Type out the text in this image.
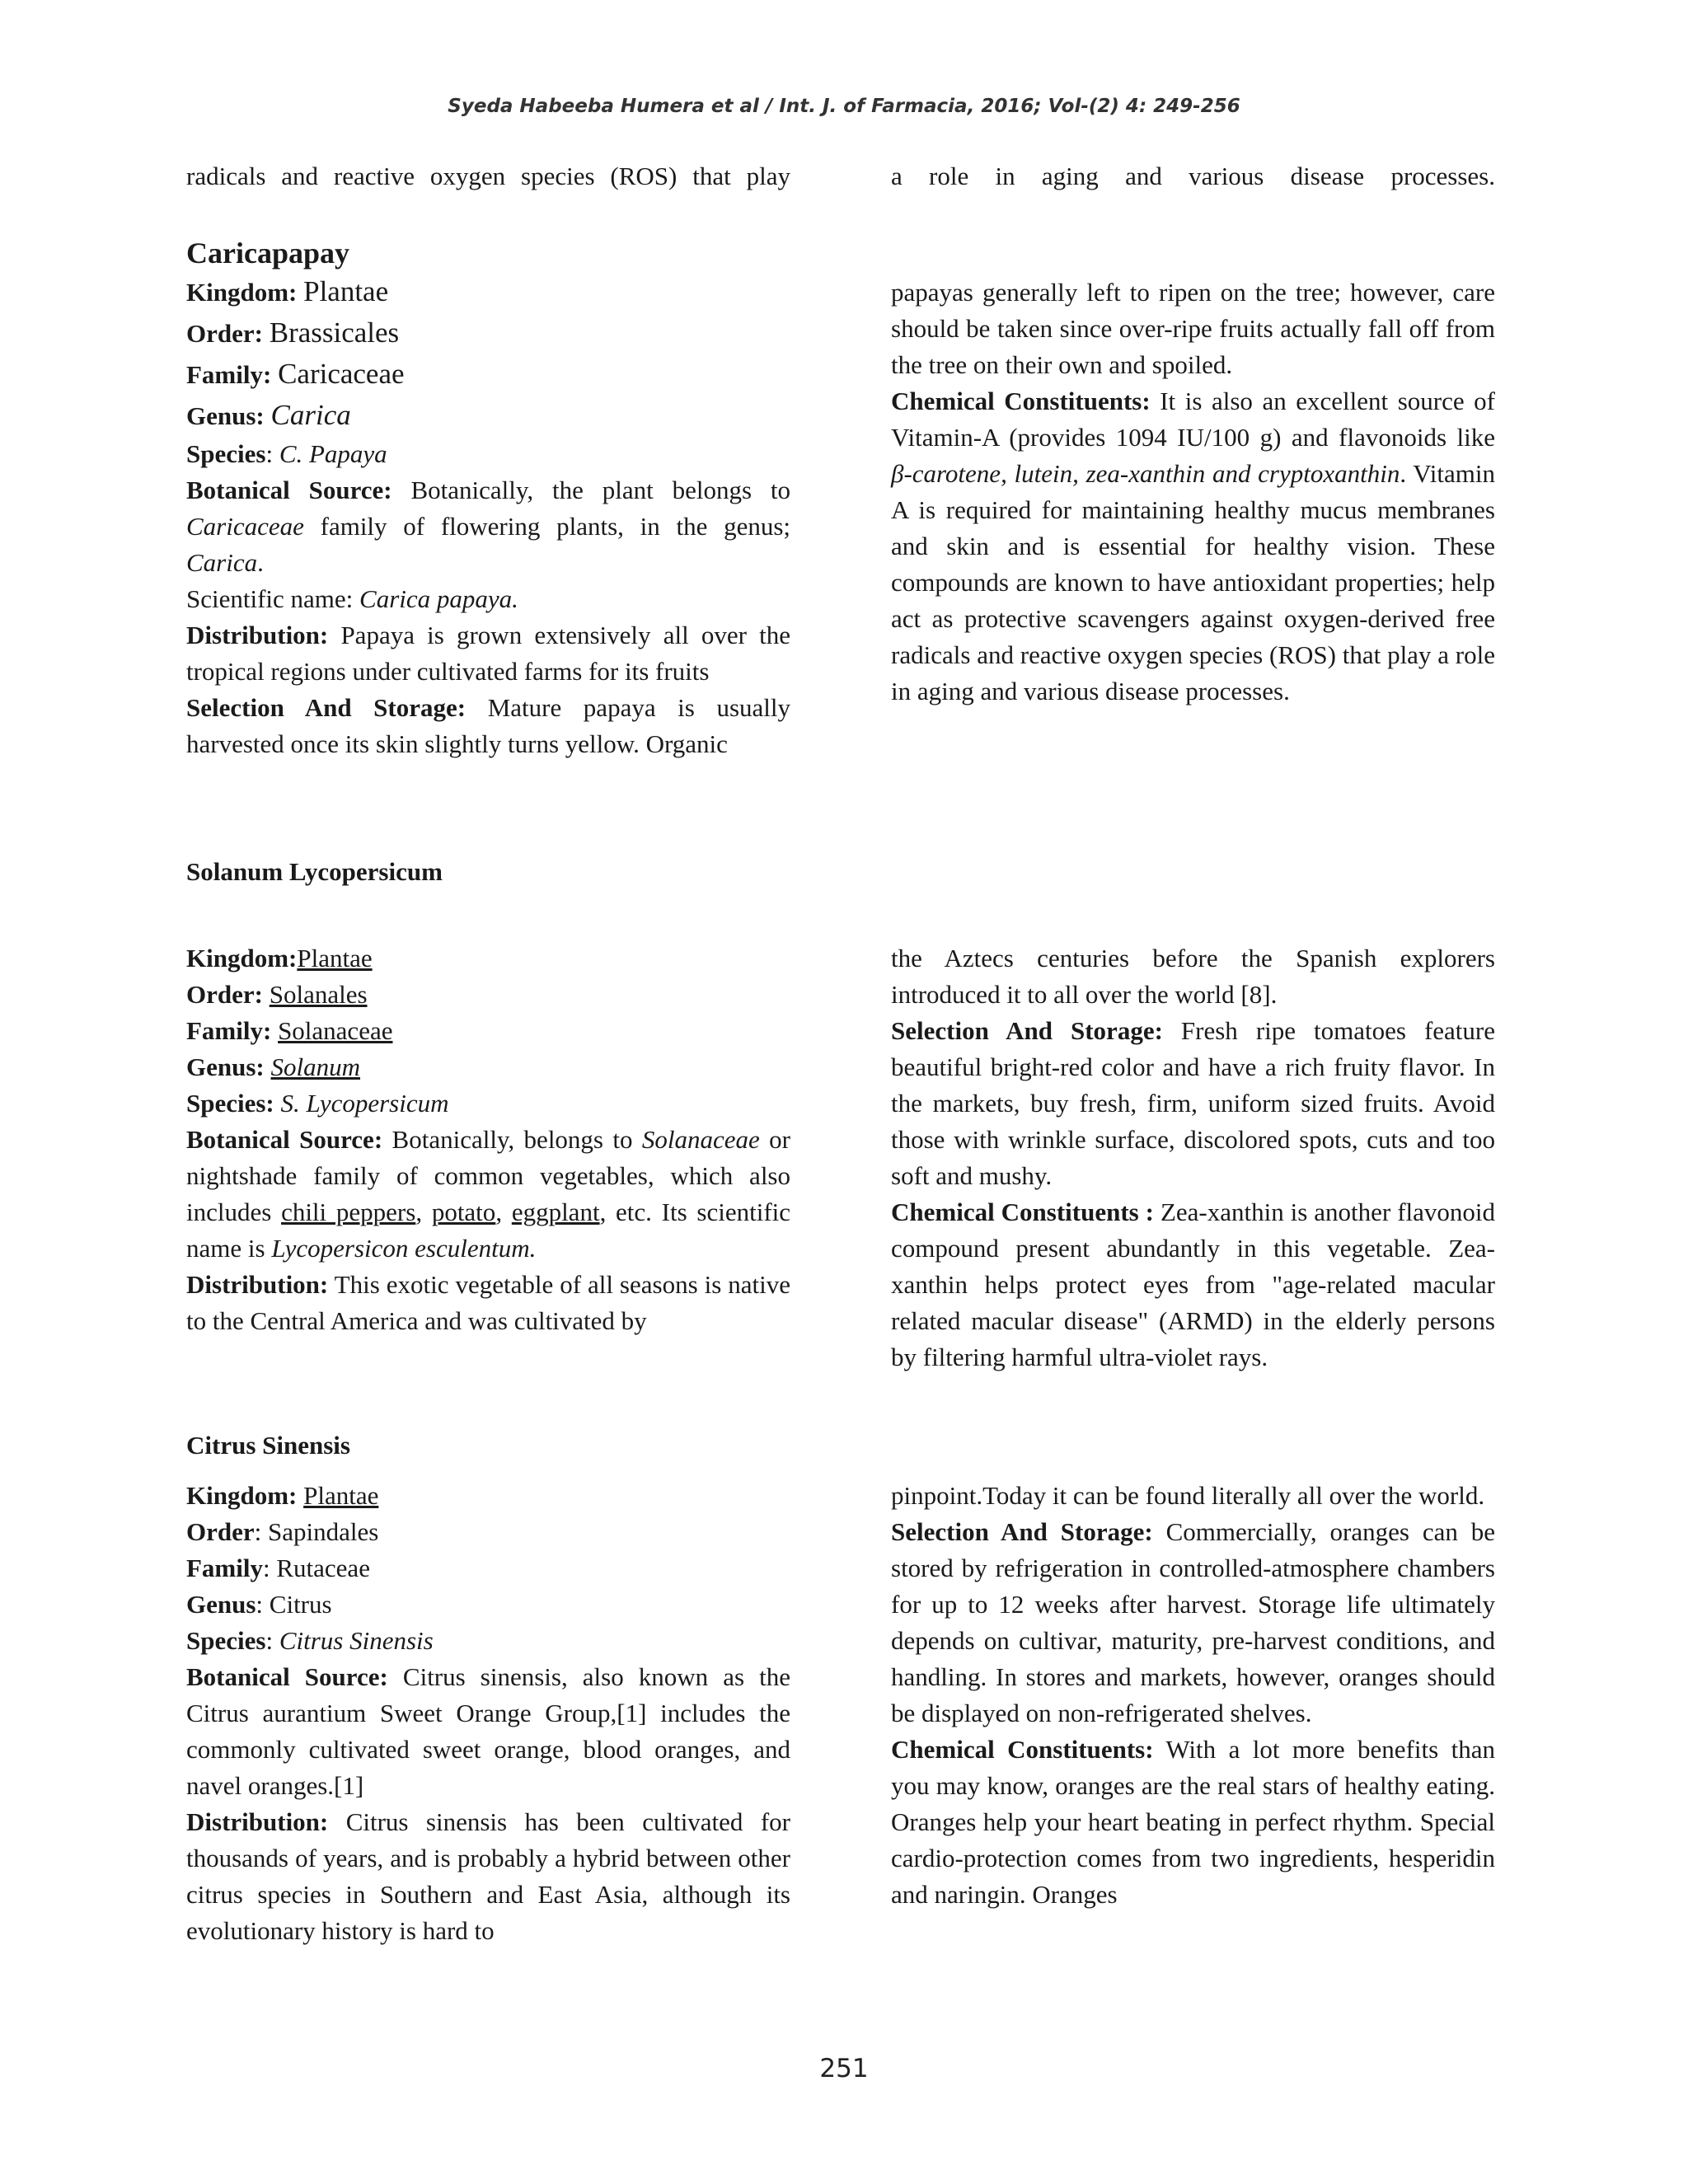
Syeda Habeeba Humera et al / Int. J. of Farmacia, 2016; Vol-(2) 4: 249-256

radicals and reactive oxygen species (ROS) that play	a role in aging and various disease processes.

Caricapapay

Kingdom: Plantae

Order: Brassicales

Family: Caricaceae

Genus: Carica

Species: C. Papaya

Botanical Source: Botanically, the plant belongs to Caricaceae family of flowering plants, in the genus; Carica.

Scientific name: Carica papaya.

Distribution: Papaya is grown extensively all over the tropical regions under cultivated farms for its fruits

Selection And Storage: Mature papaya is usually harvested once its skin slightly turns yellow. Organic

papayas generally left to ripen on the tree; however, care should be taken since over-ripe fruits actually fall off from the tree on their own and spoiled.

Chemical Constituents: It is also an excellent source of Vitamin-A (provides 1094 IU/100 g) and flavonoids like β-carotene, lutein, zea-xanthin and cryptoxanthin. Vitamin A is required for maintaining healthy mucus membranes and skin and is essential for healthy vision. These compounds are known to have antioxidant properties; help act as protective scavengers against oxygen-derived free radicals and reactive oxygen species (ROS) that play a role in aging and various disease processes.

Solanum Lycopersicum

Kingdom:Plantae

Order: Solanales

Family: Solanaceae

Genus: Solanum

Species: S. Lycopersicum

Botanical Source: Botanically, belongs to Solanaceae or nightshade family of common vegetables, which also includes chili peppers, potato, eggplant, etc. Its scientific name is Lycopersicon esculentum.

Distribution: This exotic vegetable of all seasons is native to the Central America and was cultivated by

the Aztecs centuries before the Spanish explorers introduced it to all over the world [8].

Selection And Storage: Fresh ripe tomatoes feature beautiful bright-red color and have a rich fruity flavor. In the markets, buy fresh, firm, uniform sized fruits. Avoid those with wrinkle surface, discolored spots, cuts and too soft and mushy.

Chemical Constituents : Zea-xanthin is another flavonoid compound present abundantly in this vegetable. Zea-xanthin helps protect eyes from "age-related macular related macular disease" (ARMD) in the elderly persons by filtering harmful ultra-violet rays.

Citrus Sinensis

Kingdom: Plantae

Order: Sapindales

Family: Rutaceae

Genus: Citrus

Species: Citrus Sinensis

Botanical Source: Citrus sinensis, also known as the Citrus aurantium Sweet Orange Group,[1] includes the commonly cultivated sweet orange, blood oranges, and navel oranges.[1]

Distribution: Citrus sinensis has been cultivated for thousands of years, and is probably a hybrid between other citrus species in Southern and East Asia, although its evolutionary history is hard to

pinpoint.Today it can be found literally all over the world.

Selection And Storage: Commercially, oranges can be stored by refrigeration in controlled-atmosphere chambers for up to 12 weeks after harvest. Storage life ultimately depends on cultivar, maturity, pre-harvest conditions, and handling. In stores and markets, however, oranges should be displayed on non-refrigerated shelves.

Chemical Constituents: With a lot more benefits than you may know, oranges are the real stars of healthy eating. Oranges help your heart beating in perfect rhythm. Special cardio-protection comes from two ingredients, hesperidin and naringin. Oranges

251
